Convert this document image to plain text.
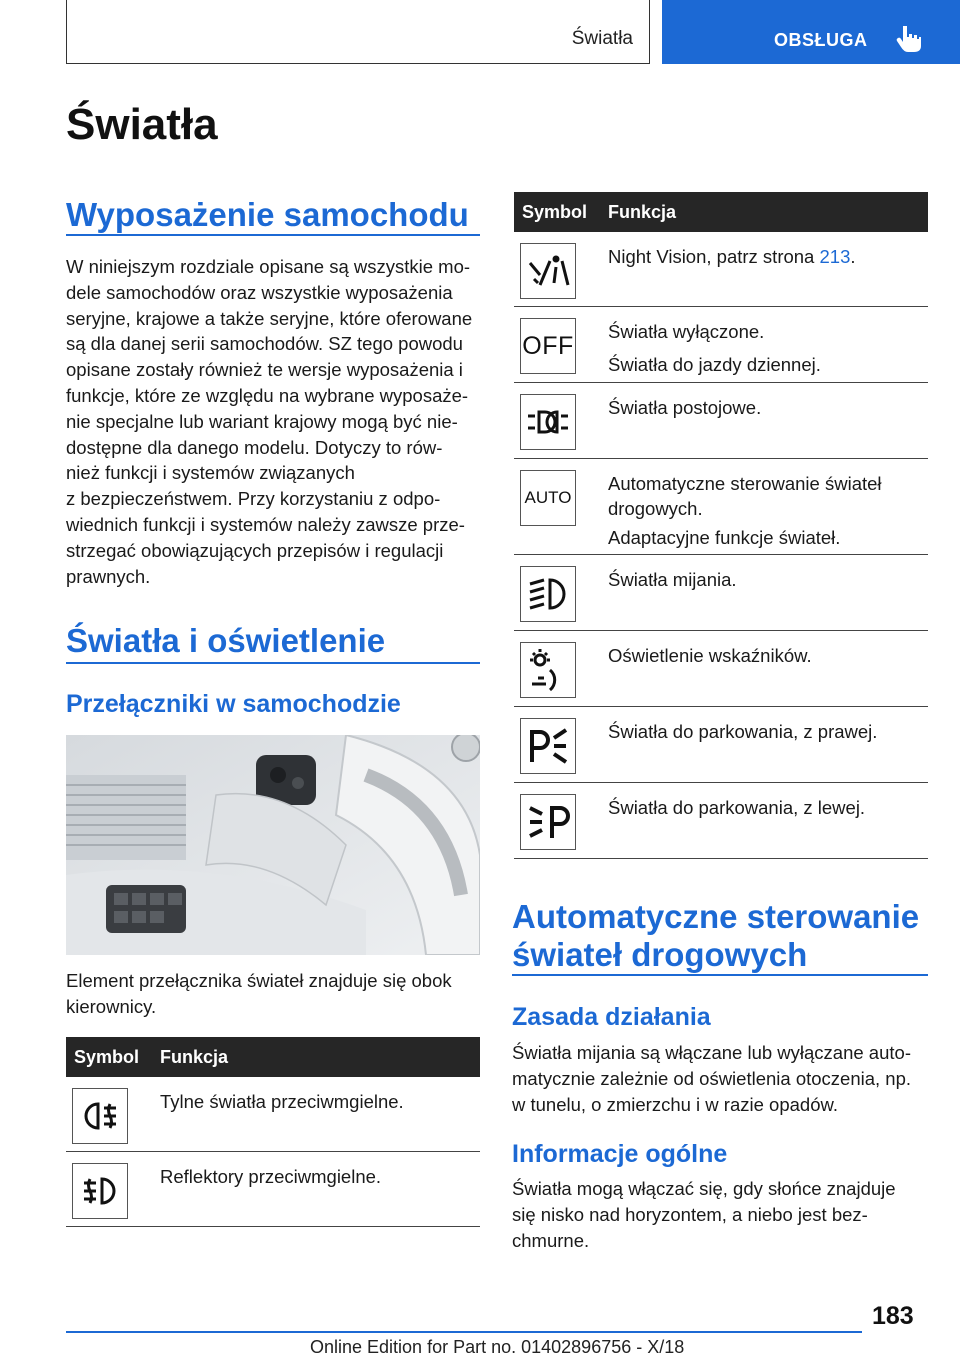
Światła	OBSŁUGA
Światła
Wyposażenie samochodu
W niniejszym rozdziale opisane są wszystkie mo‐
dele samochodów oraz wszystkie wyposażenia
seryjne, krajowe a także seryjne, które oferowane
są dla danej serii samochodów. SZ tego powodu
opisane zostały również te wersje wyposażenia i
funkcje, które ze względu na wybrane wyposaże‐
nie specjalne lub wariant krajowy mogą być nie‐
dostępne dla danego modelu. Dotyczy to rów‐
nież funkcji i systemów związanych
z bezpieczeństwem. Przy korzystaniu z odpo‐
wiednich funkcji i systemów należy zawsze prze‐
strzegać obowiązujących przepisów i regulacji
prawnych.
Światła i oświetlenie
Przełączniki w samochodzie
Element przełącznika świateł znajduje się obok
kierownicy.
Symbol Funkcja
Tylne światła przeciwmgielne.
Reflektory przeciwmgielne.
Symbol Funkcja
Night Vision, patrz strona 213.
OFF Światła wyłączone.

Światła do jazdy dziennej.

Światła postojowe.
AUTO

Automatyczne sterowanie świateł
drogowych.

Adaptacyjne funkcje świateł.

Światła mijania.
Oświetlenie wskaźników.
Światła do parkowania, z prawej.
Światła do parkowania, z lewej.
Automatyczne sterowanie
świateł drogowych
Zasada działania
Światła mijania są włączane lub wyłączane auto‐
matycznie zależnie od oświetlenia otoczenia, np.
w tunelu, o zmierzchu i w razie opadów.
Informacje ogólne
Światła mogą włączać się, gdy słońce znajduje
się nisko nad horyzontem, a niebo jest bez‐
chmurne.
183
Online Edition for Part no. 01402896756 - X/18
